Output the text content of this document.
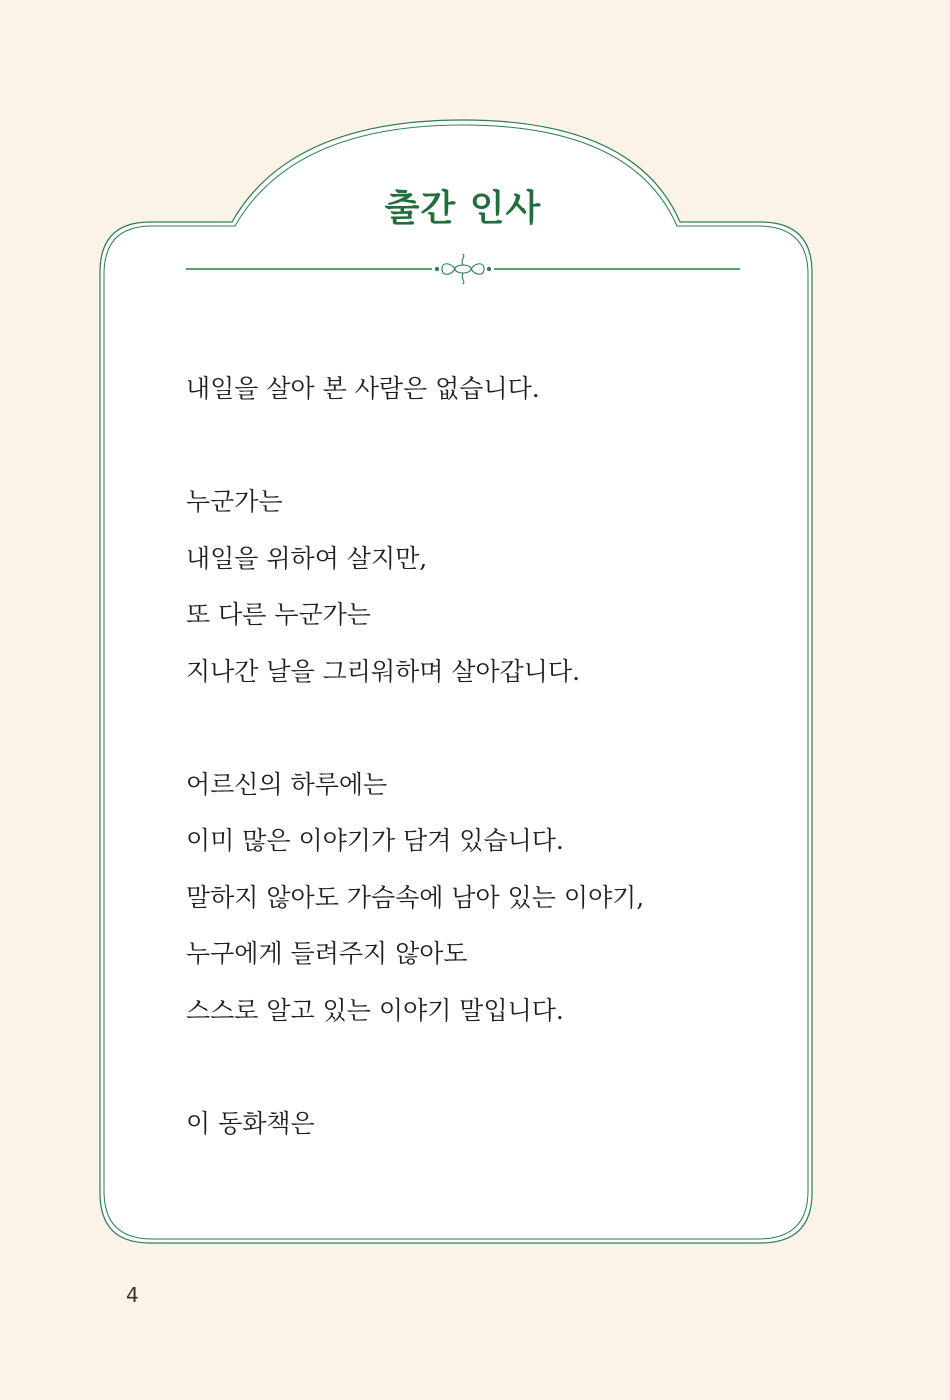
출간 인사

내일을 살아 본 사람은 없습니다.

누군가는

내일을 위하여 살지만,

또 다른 누군가는

지나간 날을 그리워하며 살아갑니다.

어르신의 하루에는

이미 많은 이야기가 담겨 있습니다.

말하지 않아도 가슴속에 남아 있는 이야기,

누구에게 들려주지 않아도

스스로 알고 있는 이야기 말입니다.

이 동화책은

4
